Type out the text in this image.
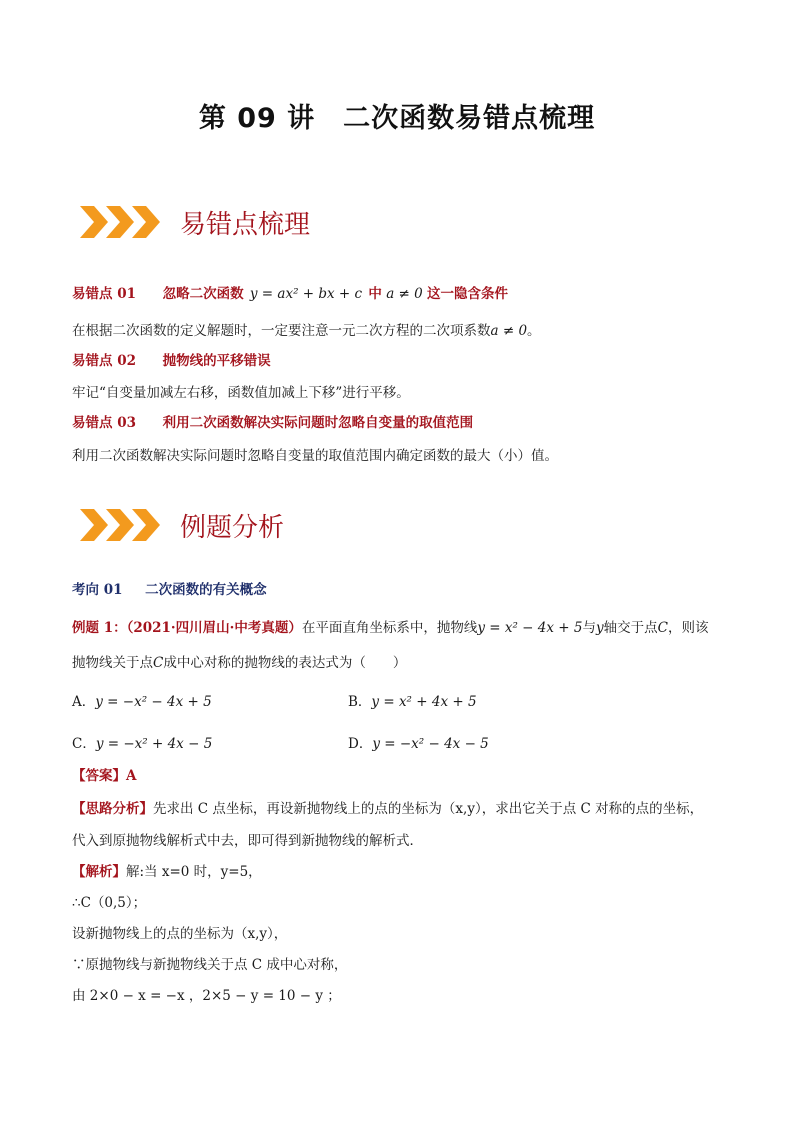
第 09 讲　二次函数易错点梳理
易错点梳理
易错点 01 忽略二次函数 y = ax² + bx + c 中 a ≠ 0 这一隐含条件
在根据二次函数的定义解题时，一定要注意一元二次方程的二次项系数a ≠ 0。
易错点 02 抛物线的平移错误
牢记“自变量加减左右移，函数值加减上下移”进行平移。
易错点 03 利用二次函数解决实际问题时忽略自变量的取值范围
利用二次函数解决实际问题时忽略自变量的取值范围内确定函数的最大（小）值。
例题分析
考向 01 二次函数的有关概念
例题 1：（2021·四川眉山·中考真题）在平面直角坐标系中，抛物线y = x² − 4x + 5与y轴交于点C，则该
抛物线关于点C成中心对称的抛物线的表达式为（　　）
A．y = −x² − 4x + 5	B．y = x² + 4x + 5
C．y = −x² + 4x − 5	D．y = −x² − 4x − 5
【答案】A
【思路分析】先求出 C 点坐标，再设新抛物线上的点的坐标为（x,y），求出它关于点 C 对称的点的坐标，
代入到原抛物线解析式中去，即可得到新抛物线的解析式．
【解析】解:当 x=0 时，y=5，
∴C（0,5）；
设新抛物线上的点的坐标为（x,y），
∵原抛物线与新抛物线关于点 C 成中心对称，
由 2×0 − x = −x ，2×5 − y = 10 − y ；
